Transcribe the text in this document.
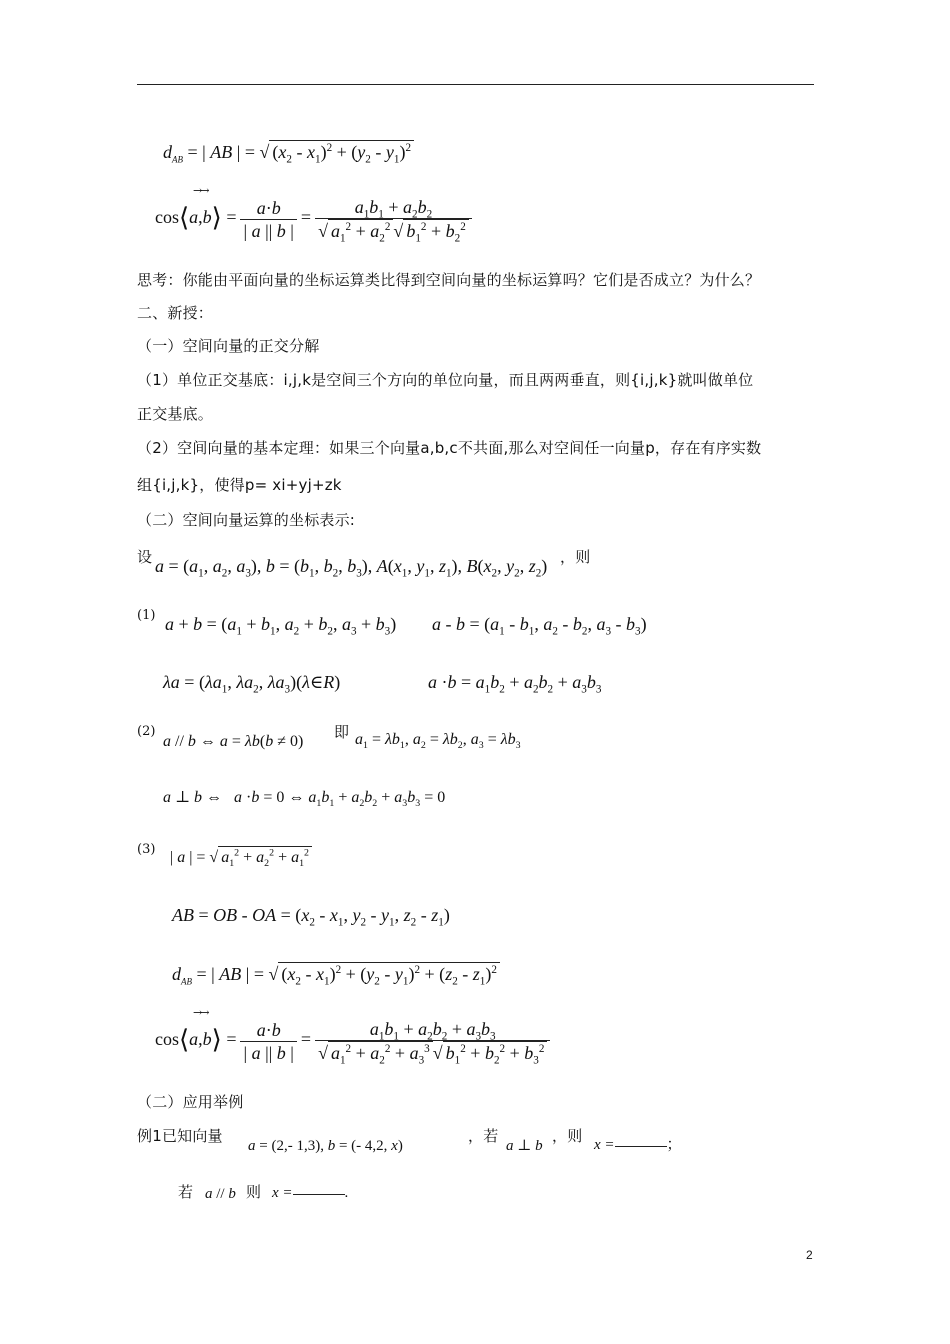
$d_{AB}$ = | AB | = √ $(x_2 - x_1)^2 + (y_2 - y_1)^2$
cos⟨a,b⟩ = $\frac{a\cdot b}{| a || b |} = \frac{a_1b_1 + a_2b_2}{√ a_1^2 + a_2^2 √ b_1^2 + b_2^2}$
→→
思考：你能由平面向量的坐标运算类比得到空间向量的坐标运算吗？它们是否成立？为什么？
二、新授：
（一）空间向量的正交分解
（1）单位正交基底：i,j,k是空间三个方向的单位向量，而且两两垂直，则{i,j,k}就叫做单位
正交基底。
（2）空间向量的基本定理：如果三个向量a,b,c不共面,那么对空间任一向量p，存在有序实数
组{i,j,k}，使得p= xi+yj+zk
（二）空间向量运算的坐标表示:
设 $a = (a_1$, $a_2$, $a_3$), $b = (b_1$, $b_2$, $b_3$), $A(x_1$, $y_1$, $z_1$), $B(x_2$, $y_2$, $z_2$) ，则
(1) $a + b = (a_1 + b_1$, $a_2 + b_2$, $a_3 + b_3$) $a - b = (a_1 - b_1$, $a_2 - b_2$, $a_3 - b_3$)
$\lambda a = (\lambda a_1$, $\lambda a_2$, $\lambda a_3)(\lambda\in R)$	$a \cdot b = a_1b_2 + a_2b_2 + a_3b_3$
(2)
a // b ⇔ a = λb(b ≠ 0)
即 $a_1 = \lambda b_1$, $a_2 = \lambda b_2$, $a_3 = \lambda b_3$
a ⊥ b ⇔   a ·b = 0 ⇔ $a_1b_1 + a_2b_2 + a_3b_3 = 0$
(3) | a | = √ $a_1^2 + a_2^2 + a_1^2$
AB = OB - OA = ($x_2 - x_1$, $y_2 - y_1$, $z_2 - z_1$)
$d_{AB}$ = | AB | = √ $(x_2 - x_1)^2 + (y_2 - y_1)^2 + (z_2 - z_1)^2$
cos⟨a,b⟩ = $\frac{a\cdot b}{| a || b |} = \frac{a_1b_1 + a_2b_2 + a_3b_3}{√ a_1^2 + a_2^2 + a_3^3 √ b_1^2 + b_2^2 + b_3^2}$
→→
（二）应用举例
例1已知向量
a = (2,- 1,3), b = (- 4,2, x)
，若
a ⊥ b
，则 x =	；
若 a // b 则 x =	.
2
